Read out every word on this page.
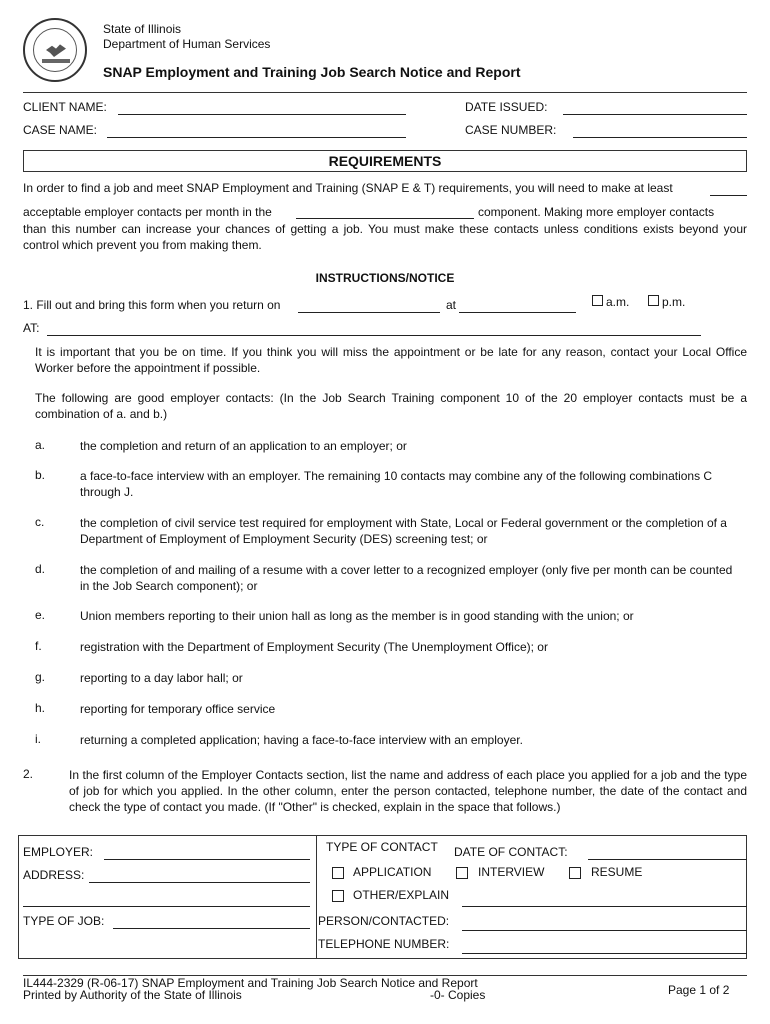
State of Illinois
Department of Human Services
SNAP Employment and Training Job Search Notice and Report
CLIENT NAME:	DATE ISSUED:
CASE NAME:	CASE NUMBER:
REQUIREMENTS

In order to find a job and meet SNAP Employment and Training (SNAP E & T) requirements, you will need to make at least

acceptable employer contacts per month in the	component. Making more employer contacts

than this number can increase your chances of getting a job. You must make these contacts unless conditions exists beyond your control which prevent you from making them.

INSTRUCTIONS/NOTICE

1. Fill out and bring this form when you return on	at	a.m.	p.m.

AT:

It is important that you be on time. If you think you will miss the appointment or be late for any reason, contact your Local Office Worker before the appointment if possible.

The following are good employer contacts: (In the Job Search Training component 10 of the 20 employer contacts must be a combination of a. and b.)

a.	the completion and return of an application to an employer; or

b.	a face-to-face interview with an employer. The remaining 10 contacts may combine any of the following combinations C through J.

c.	the completion of civil service test required for employment with State, Local or Federal government or the completion of a Department of Employment of Employment Security (DES) screening test; or

d.	the completion of and mailing of a resume with a cover letter to a recognized employer (only five per month can be counted in the Job Search component); or

e.	Union members reporting to their union hall as long as the member is in good standing with the union; or

f.	registration with the Department of Employment Security (The Unemployment Office); or

g.	reporting to a day labor hall; or

h.	reporting for temporary office service

i.	returning a completed application; having a face-to-face interview with an employer.

2.	In the first column of the Employer Contacts section, list the name and address of each place you applied for a job and the type of job for which you applied. In the other column, enter the person contacted, telephone number, the date of the contact and check the type of contact you made. (If "Other" is checked, explain in the space that follows.)

EMPLOYER:
ADDRESS:
TYPE OF JOB:
TYPE OF CONTACT DATE OF CONTACT:
APPLICATION	INTERVIEW	RESUME
OTHER/EXPLAIN
PERSON/CONTACTED:
TELEPHONE NUMBER:
IL444-2329 (R-06-17) SNAP Employment and Training Job Search Notice and Report
Printed by Authority of the State of Illinois	-0- Copies	Page 1 of 2
